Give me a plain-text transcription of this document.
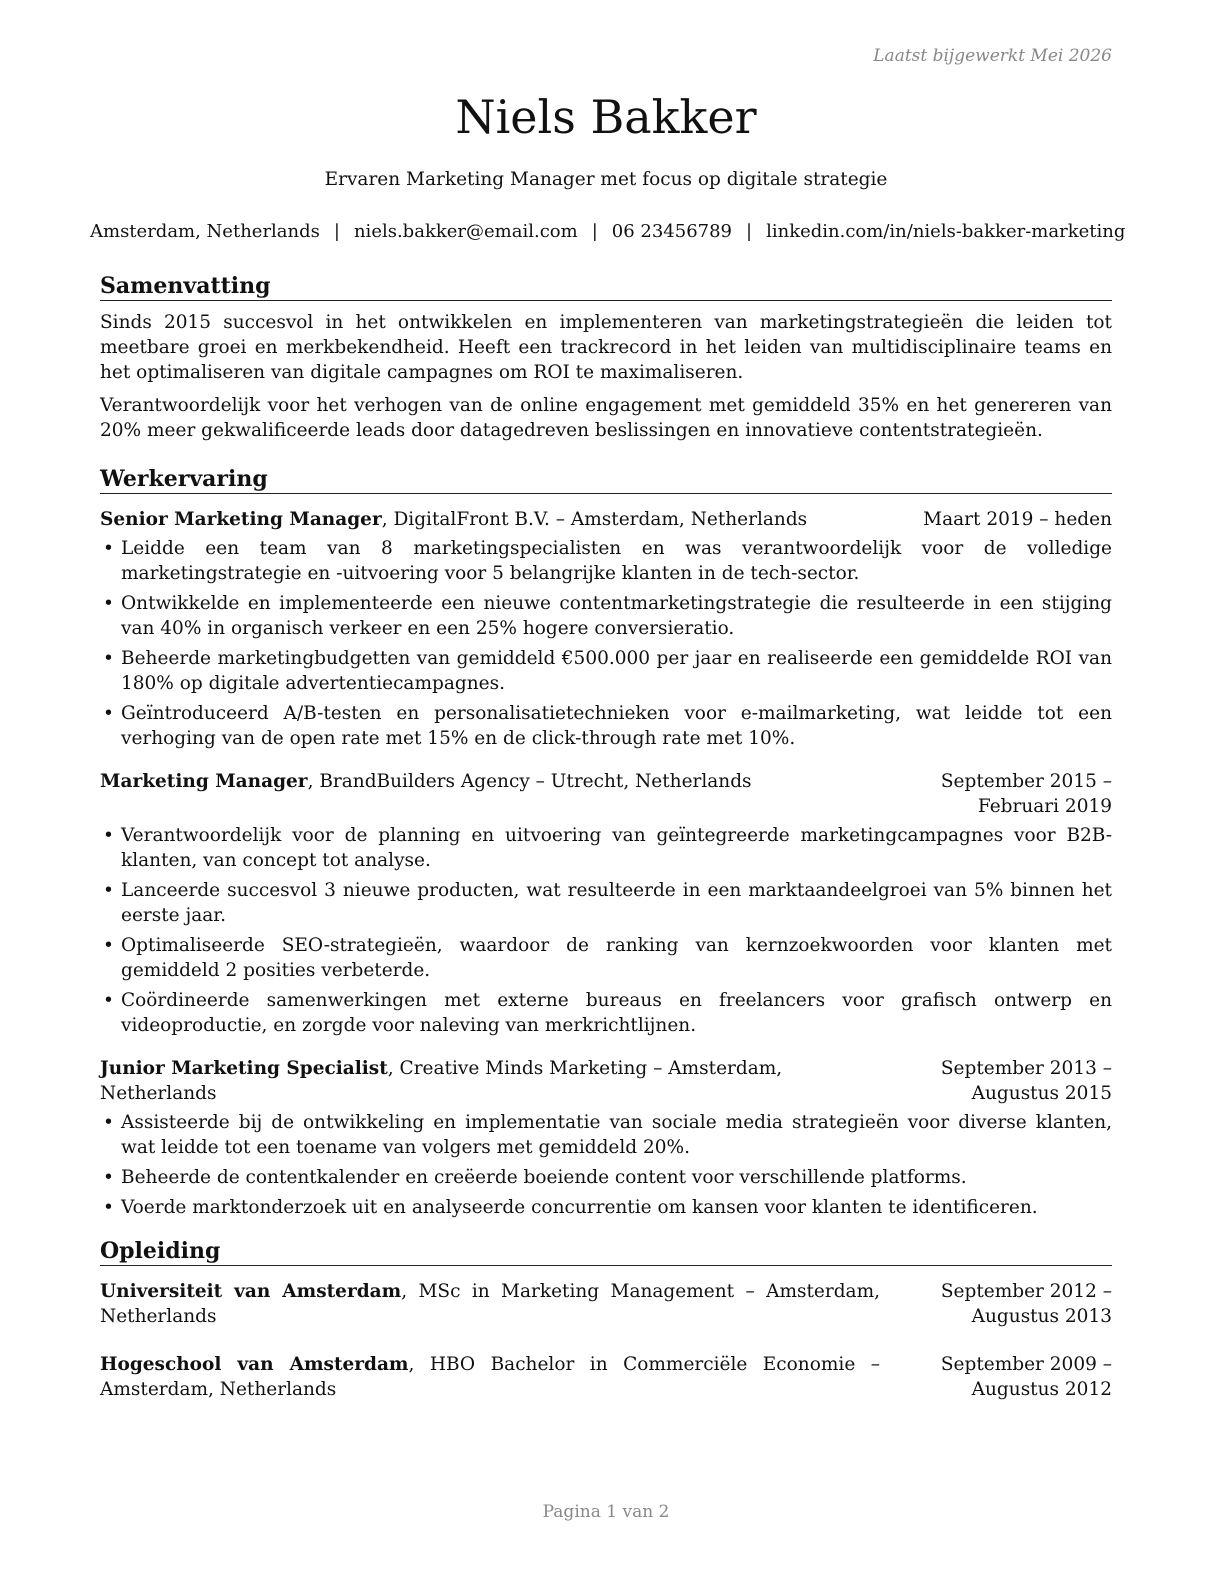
Laatst bijgewerkt Mei 2026
Niels Bakker
Ervaren Marketing Manager met focus op digitale strategie
Amsterdam, Netherlands | niels.bakker@email.com | 06 23456789 | linkedin.com/in/niels-bakker-marketing
Samenvatting

Sinds 2015 succesvol in het ontwikkelen en implementeren van marketingstrategieën die leiden tot meetbare groei en merkbekendheid. Heeft een trackrecord in het leiden van multidisciplinaire teams en het optimaliseren van digitale campagnes om ROI te maximaliseren.

Verantwoordelijk voor het verhogen van de online engagement met gemiddeld 35% en het genereren van 20% meer gekwalificeerde leads door datagedreven beslissingen en innovatieve contentstrategieën.

Werkervaring
Senior Marketing Manager, DigitalFront B.V. – Amsterdam, Netherlands	Maart 2019 – heden
• Leidde een team van 8 marketingspecialisten en was verantwoordelijk voor de volledige marketingstrategie en -uitvoering voor 5 belangrijke klanten in de tech-sector.
• Ontwikkelde en implementeerde een nieuwe contentmarketingstrategie die resulteerde in een stijging van 40% in organisch verkeer en een 25% hogere conversieratio.
• Beheerde marketingbudgetten van gemiddeld €500.000 per jaar en realiseerde een gemiddelde ROI van 180% op digitale advertentiecampagnes.
• Geïntroduceerd A/B-testen en personalisatietechnieken voor e-mailmarketing, wat leidde tot een verhoging van de open rate met 15% en de click-through rate met 10%.
Marketing Manager, BrandBuilders Agency – Utrecht, Netherlands	September 2015 – Februari 2019
• Verantwoordelijk voor de planning en uitvoering van geïntegreerde marketingcampagnes voor B2B-klanten, van concept tot analyse.
• Lanceerde succesvol 3 nieuwe producten, wat resulteerde in een marktaandeelgroei van 5% binnen het eerste jaar.
• Optimaliseerde SEO-strategieën, waardoor de ranking van kernzoekwoorden voor klanten met gemiddeld 2 posities verbeterde.
• Coördineerde samenwerkingen met externe bureaus en freelancers voor grafisch ontwerp en videoproductie, en zorgde voor naleving van merkrichtlijnen.
Junior Marketing Specialist, Creative Minds Marketing – Amsterdam, Netherlands
September 2013 – Augustus 2015
• Assisteerde bij de ontwikkeling en implementatie van sociale media strategieën voor diverse klanten, wat leidde tot een toename van volgers met gemiddeld 20%.
• Beheerde de contentkalender en creëerde boeiende content voor verschillende platforms.
• Voerde marktonderzoek uit en analyseerde concurrentie om kansen voor klanten te identificeren.
Opleiding
Universiteit van Amsterdam, MSc in Marketing Management – Amsterdam, Netherlands
September 2012 – Augustus 2013
Hogeschool van Amsterdam, HBO Bachelor in Commerciële Economie – Amsterdam, Netherlands
September 2009 – Augustus 2012
Pagina 1 van 2
